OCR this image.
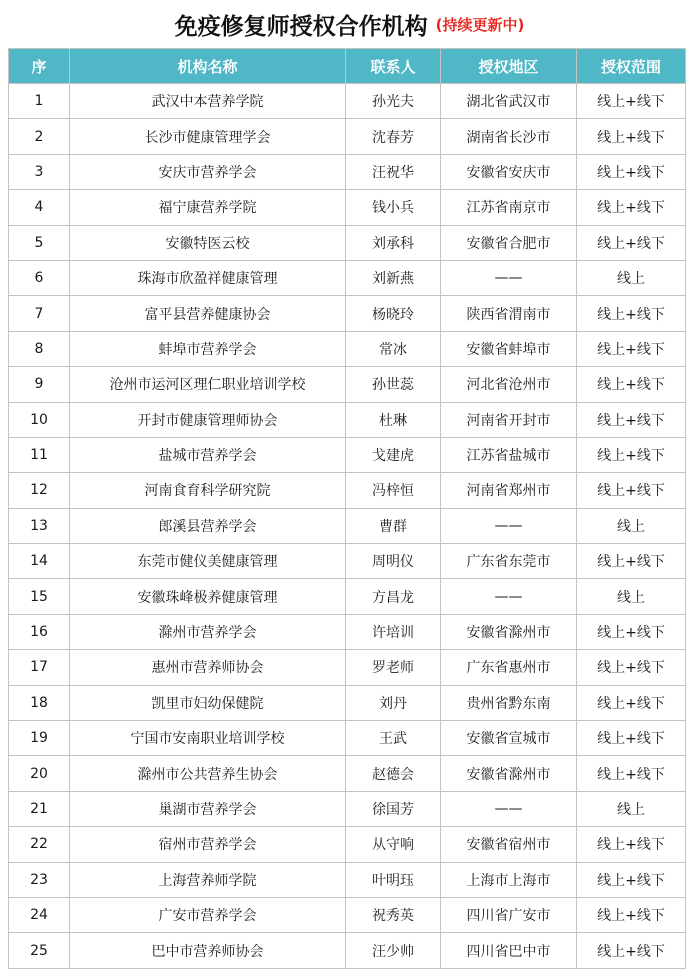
免疫修复师授权合作机构 (持续更新中)
序	机构名称	联系人	授权地区	授权范围
1	武汉中本营养学院	孙光夫	湖北省武汉市	线上+线下
2	长沙市健康管理学会	沈春芳	湖南省长沙市	线上+线下
3	安庆市营养学会	汪祝华	安徽省安庆市	线上+线下
4	福宁康营养学院	钱小兵	江苏省南京市	线上+线下
5	安徽特医云校	刘承科	安徽省合肥市	线上+线下
6	珠海市欣盈祥健康管理	刘新燕	——	线上
7	富平县营养健康协会	杨晓玲	陕西省渭南市	线上+线下
8	蚌埠市营养学会	常冰	安徽省蚌埠市	线上+线下
9	沧州市运河区理仁职业培训学校	孙世蕊	河北省沧州市	线上+线下
10	开封市健康管理师协会	杜琳	河南省开封市	线上+线下
11	盐城市营养学会	戈建虎	江苏省盐城市	线上+线下
12	河南食育科学研究院	冯梓恒	河南省郑州市	线上+线下
13	郎溪县营养学会	曹群	——	线上
14	东莞市健仪美健康管理	周明仪	广东省东莞市	线上+线下
15	安徽珠峰极养健康管理	方昌龙	——	线上
16	滁州市营养学会	许培训	安徽省滁州市	线上+线下
17	惠州市营养师协会	罗老师	广东省惠州市	线上+线下
18	凯里市妇幼保健院	刘丹	贵州省黔东南	线上+线下
19	宁国市安南职业培训学校	王武	安徽省宣城市	线上+线下
20	滁州市公共营养生协会	赵德会	安徽省滁州市	线上+线下
21	巢湖市营养学会	徐国芳	——	线上
22	宿州市营养学会	从守响	安徽省宿州市	线上+线下
23	上海营养师学院	叶明珏	上海市上海市	线上+线下
24	广安市营养学会	祝秀英	四川省广安市	线上+线下
25	巴中市营养师协会	汪少帅	四川省巴中市	线上+线下
